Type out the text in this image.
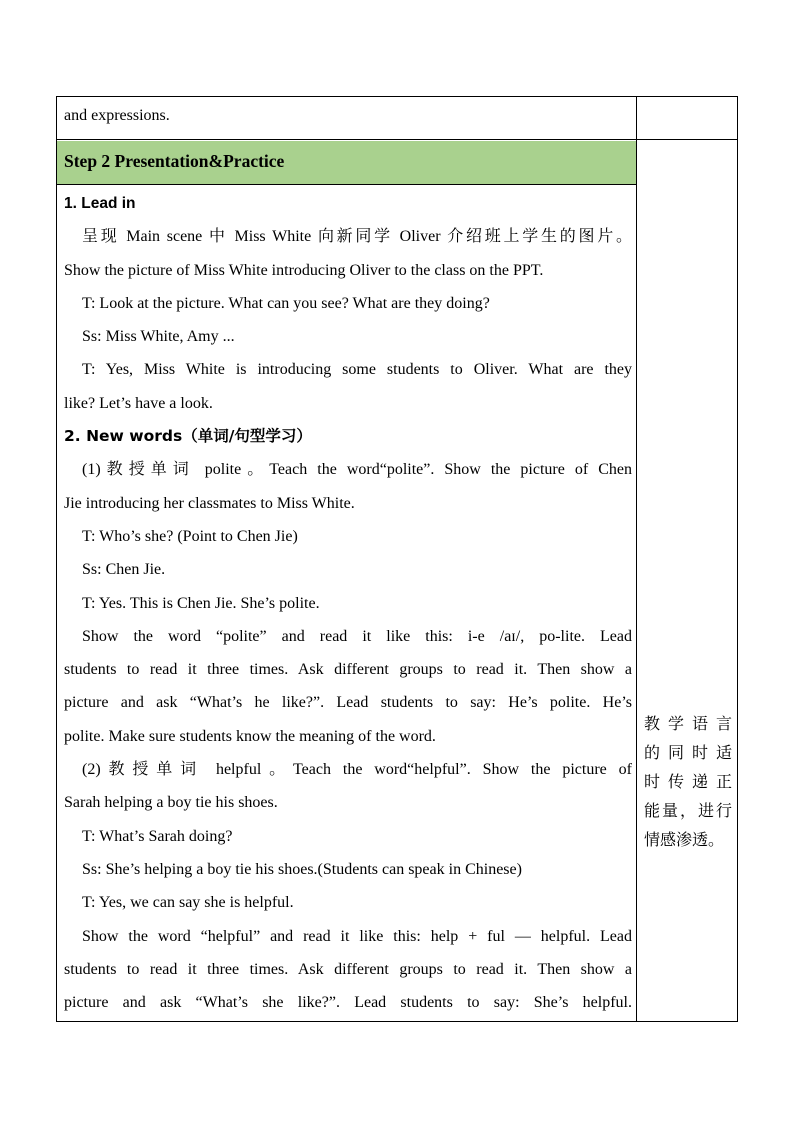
and expressions.
Step 2 Presentation&Practice

1. Lead in

呈现 Main scene 中 Miss White 向新同学 Oliver 介绍班上学生的图片。

Show the picture of Miss White introducing Oliver to the class on the PPT.

T: Look at the picture. What can you see? What are they doing?

Ss: Miss White, Amy ...

T: Yes, Miss White is introducing some students to Oliver. What are they

like? Let’s have a look.

2. New words（单词/句型学习）

(1)教授单词 polite。Teach the word“polite”. Show the picture of Chen

Jie introducing her classmates to Miss White.

T: Who’s she? (Point to Chen Jie)

Ss: Chen Jie.

T: Yes. This is Chen Jie. She’s polite.

Show the word “polite” and read it like this: i-e /aɪ/, po-lite. Lead

students to read it three times. Ask different groups to read it. Then show a

picture and ask “What’s he like?”. Lead students to say: He’s polite. He’s

polite. Make sure students know the meaning of the word.

(2)教授单词 helpful。Teach the word“helpful”. Show the picture of

Sarah helping a boy tie his shoes.

T: What’s Sarah doing?

Ss: She’s helping a boy tie his shoes.(Students can speak in Chinese)

T: Yes, we can say she is helpful.

Show the word “helpful” and read it like this: help + ful — helpful. Lead

students to read it three times. Ask different groups to read it. Then show a

picture and ask “What’s she like?”. Lead students to say: She’s helpful.

教学语言
的同时适
时传递正
能量，进行
情感渗透。
